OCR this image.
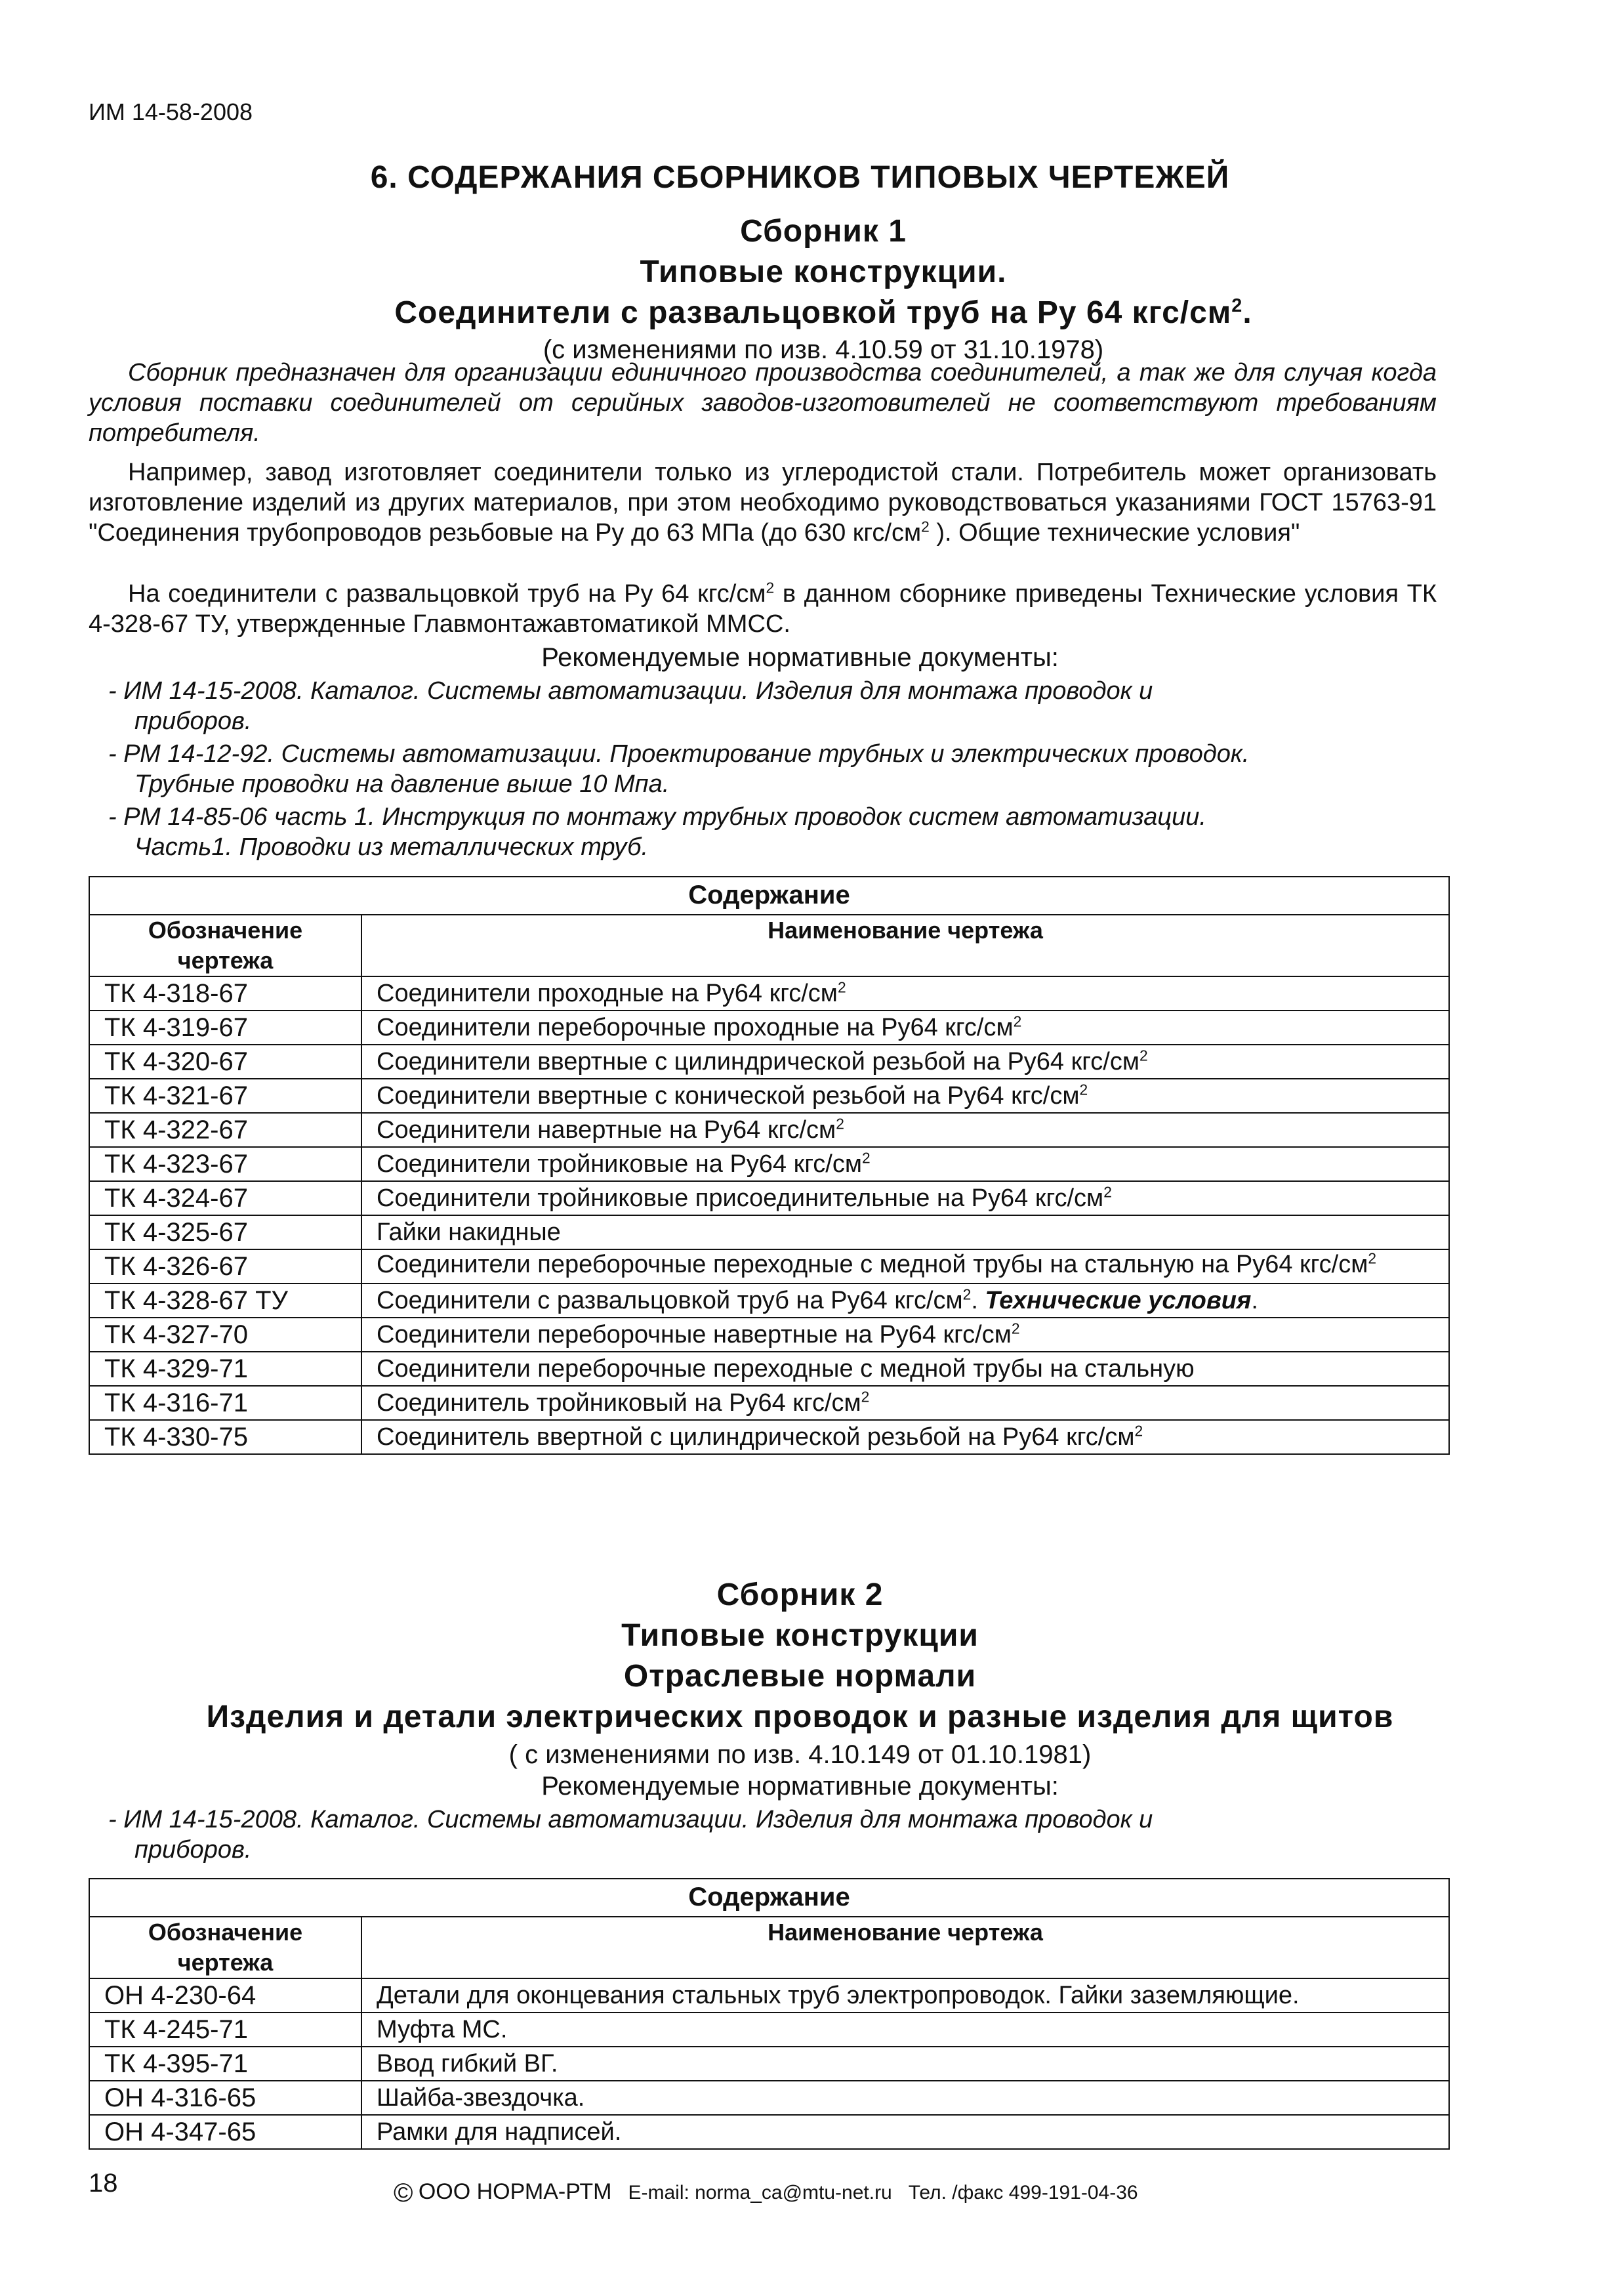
ИМ 14-58-2008
6. СОДЕРЖАНИЯ СБОРНИКОВ ТИПОВЫХ ЧЕРТЕЖЕЙ
Сборник 1
Типовые конструкции.
Соединители с развальцовкой труб на Ру 64 кгс/$см^2$.
(с изменениями по изв. 4.10.59 от 31.10.1978)
Сборник предназначен для организации единичного производства соединителей, а так же для случая когда условия поставки соединителей от серийных заводов-изготовителей не соответствуют требованиям потребителя.
Например, завод изготовляет соединители только из углеродистой стали. Потребитель может организовать изготовление изделий из других материалов, при этом необходимо руководствоваться указаниями ГОСТ 15763-91 "Соединения трубопроводов резьбовые на Ру до 63 МПа (до 630 кгс/$см^2$ ). Общие технические условия"
На соединители с развальцовкой труб на Ру 64 кгс/$см^2$ в данном сборнике приведены Технические условия ТК 4-328-67 ТУ, утвержденные Главмонтажавтоматикой ММСС.
Рекомендуемые нормативные документы:
- ИМ 14-15-2008. Каталог. Системы автоматизации. Изделия для монтажа проводок и
приборов.
- РМ 14-12-92. Системы автоматизации. Проектирование трубных и электрических проводок.
Трубные проводки на давление выше 10 Мпа.
- РМ 14-85-06 часть 1. Инструкция по монтажу трубных проводок систем автоматизации.
Часть1. Проводки из металлических труб.
Содержание	
Обозначение чертежа	Наименование чертежа
ТК 4-318-67	Соединители проходные на Ру64 кгс/$см^2$
ТК 4-319-67	Соединители переборочные проходные на Ру64 кгс/$см^2$
ТК 4-320-67	Соединители ввертные с цилиндрической резьбой на Ру64 кгс/$см^2$
ТК 4-321-67	Соединители ввертные с конической резьбой на Ру64 кгс/$см^2$
ТК 4-322-67	Соединители навертные на Ру64 кгс/$см^2$
ТК 4-323-67	Соединители тройниковые на Ру64 кгс/$см^2$
ТК 4-324-67	Соединители тройниковые присоединительные на Ру64 кгс/$см^2$
ТК 4-325-67	Гайки накидные
ТК 4-326-67	Соединители переборочные переходные с медной трубы на стальную на Ру64 кгс/$см^2$
ТК 4-328-67 ТУ	Соединители с развальцовкой труб на Ру64 кгс/$см^2$. Технические условия.
ТК 4-327-70	Соединители переборочные навертные на Ру64 кгс/$см^2$
ТК 4-329-71	Соединители переборочные переходные с медной трубы на стальную
ТК 4-316-71	Соединитель тройниковый на Ру64 кгс/$см^2$
ТК 4-330-75	Соединитель ввертной с цилиндрической резьбой на Ру64 кгс/$см^2$
Сборник 2
Типовые конструкции
Отраслевые нормали
Изделия и детали электрических проводок и разные изделия для щитов
( с изменениями по изв. 4.10.149 от 01.10.1981)
Рекомендуемые нормативные документы:
- ИМ 14-15-2008. Каталог. Системы автоматизации. Изделия для монтажа проводок и
приборов.
Содержание	
Обозначение чертежа	Наименование чертежа
ОН 4-230-64	Детали для оконцевания стальных труб электропроводок. Гайки заземляющие.
ТК 4-245-71	Муфта МС.
ТК 4-395-71	Ввод гибкий ВГ.
ОН 4-316-65	Шайба-звездочка.
ОН 4-347-65	Рамки для надписей.
18	© ООО НОРМА-РТМ E-mail: norma_ca@mtu-net.ru Тел. /факс 499-191-04-36
